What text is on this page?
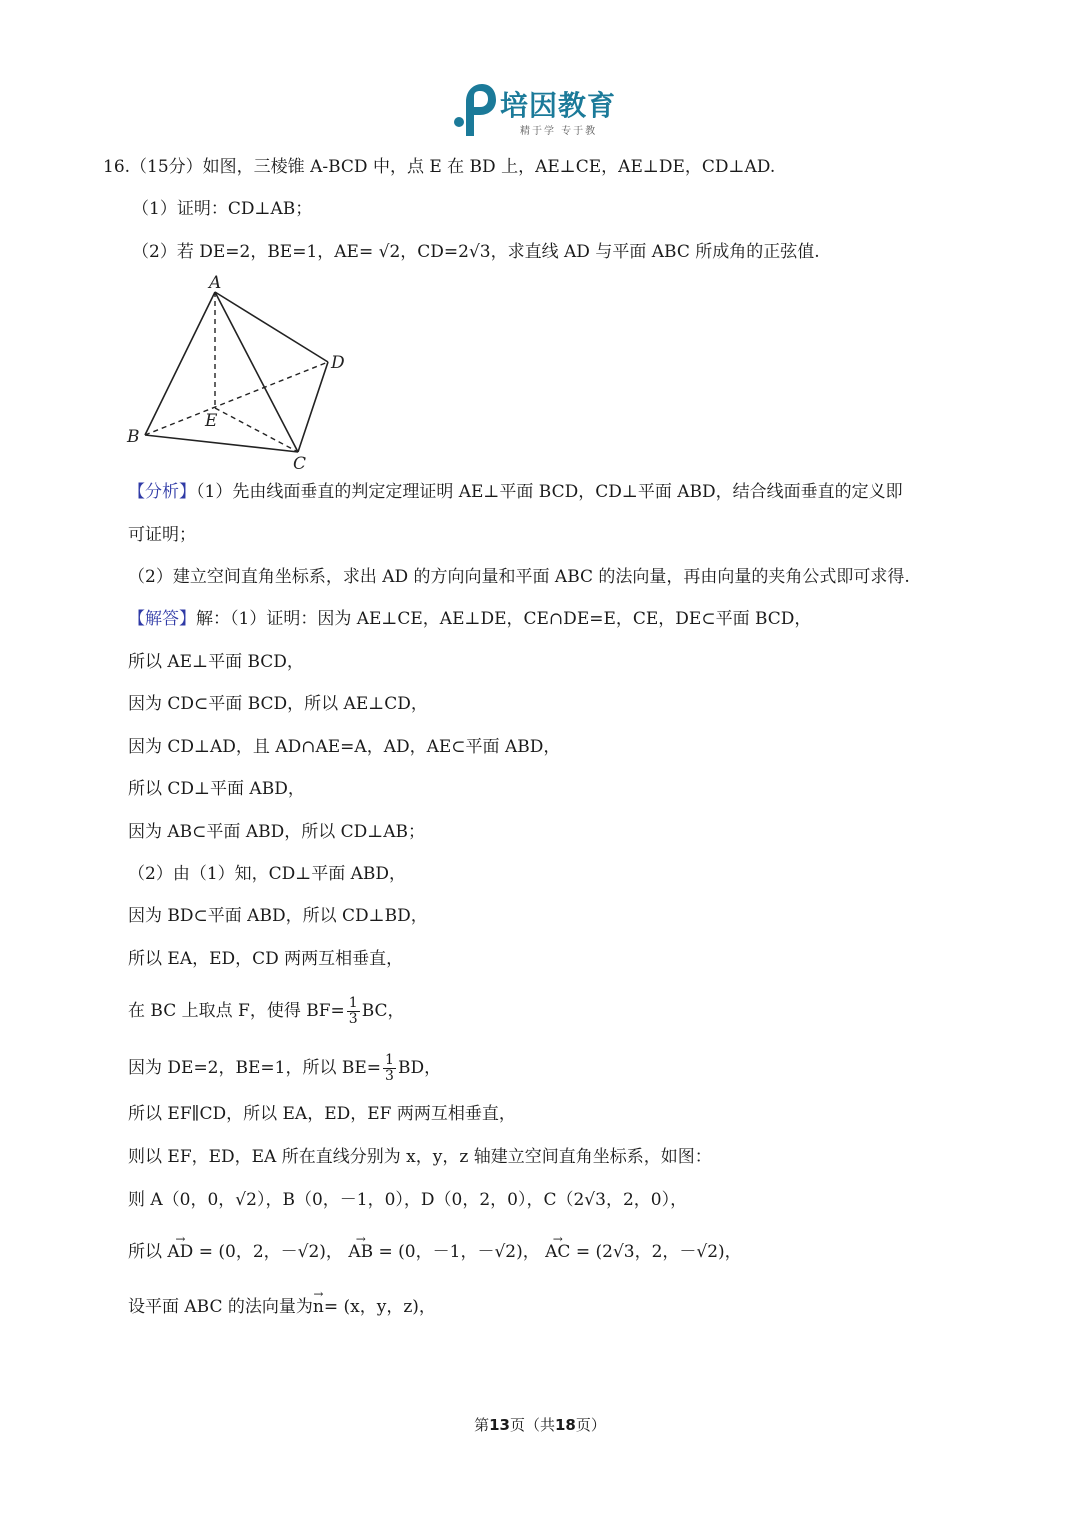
培因教育
精于学 专于教
16.（15分）如图，三棱锥 A‑BCD 中，点 E 在 BD 上，AE⊥CE，AE⊥DE，CD⊥AD.
（1）证明：CD⊥AB；
（2）若 DE=2，BE=1，AE= √2，CD=2√3，求直线 AD 与平面 ABC 所成角的正弦值.
A
B
C
D
E
【分析】（1）先由线面垂直的判定定理证明 AE⊥平面 BCD，CD⊥平面 ABD，结合线面垂直的定义即
可证明；
（2）建立空间直角坐标系，求出 AD 的方向向量和平面 ABC 的法向量，再由向量的夹角公式即可求得.
【解答】解：（1）证明：因为 AE⊥CE，AE⊥DE，CE∩DE=E，CE，DE⊂平面 BCD，
所以 AE⊥平面 BCD，
因为 CD⊂平面 BCD，所以 AE⊥CD，
因为 CD⊥AD，且 AD∩AE=A，AD，AE⊂平面 ABD，
所以 CD⊥平面 ABD，
因为 AB⊂平面 ABD，所以 CD⊥AB；
（2）由（1）知，CD⊥平面 ABD，
因为 BD⊂平面 ABD，所以 CD⊥BD，
所以 EA，ED，CD 两两互相垂直，
在 BC 上取点 F，使得 $BF= \frac{1}{3}$ BC，
因为 DE=2，BE=1，所以 $BE= \frac{1}{3}$ BD，
所以 EF∥CD，所以 EA，ED，EF 两两互相垂直，
则以 EF，ED，EA 所在直线分别为 x，y，z 轴建立空间直角坐标系，如图：
则 A（0，0，√2），B（0，－1，0），D（0，2，0），C（2√3，2，0），
所以 → AD = (0，2，－√2)， → AB = (0，－1，－√2)， → AC = (2√3，2，－√2)，
设平面 ABC 的法向量为→ n= (x，y，z)，
第13页（共18页）
